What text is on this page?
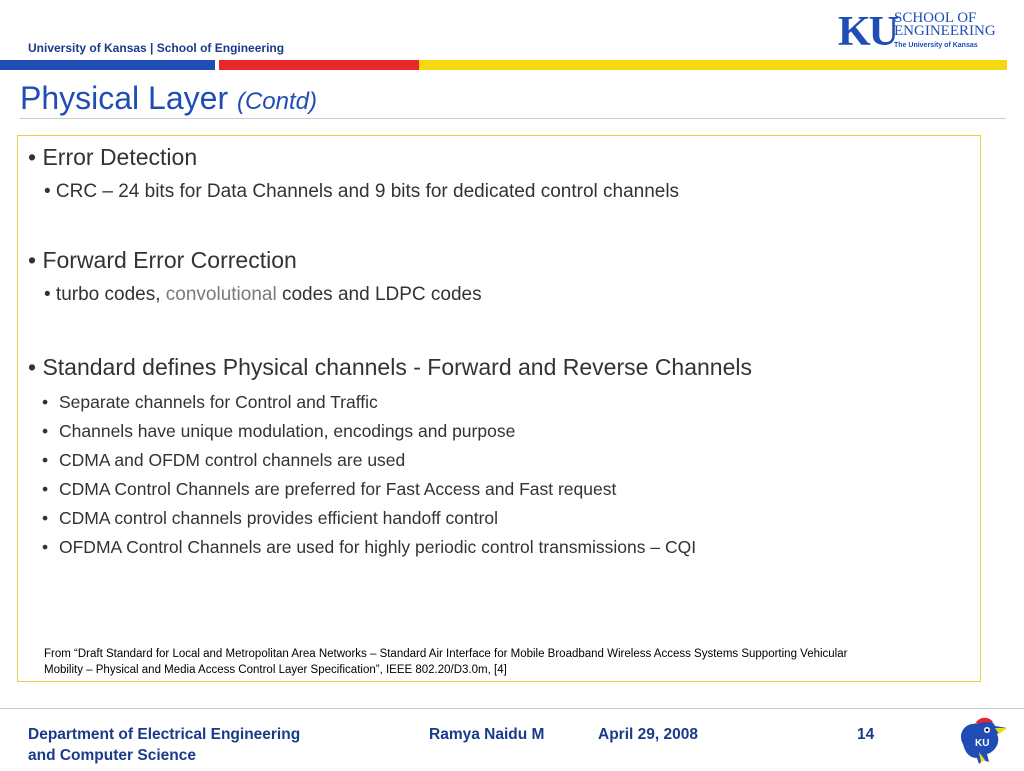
University of Kansas | School of Engineering	KU
SCHOOL OF
ENGINEERING
The University of Kansas
Physical Layer (Contd)
• Error Detection
• CRC – 24 bits for Data Channels and 9 bits for dedicated control channels
• Forward Error Correction
• turbo codes, convolutional codes and LDPC codes
• Standard defines Physical channels - Forward and Reverse Channels
• Separate channels for Control and Traffic
• Channels have unique modulation, encodings and purpose
• CDMA and OFDM control channels are used
• CDMA Control Channels are preferred for Fast Access and Fast request
• CDMA control channels provides efficient handoff control
• OFDMA Control Channels are used for highly periodic control transmissions – CQI
From “Draft Standard for Local and Metropolitan Area Networks – Standard Air Interface for Mobile Broadband Wireless Access Systems Supporting Vehicular
Mobility – Physical and Media Access Control Layer Specification”, IEEE 802.20/D3.0m, [4]
Department of Electrical Engineering
and Computer Science
Ramya Naidu M	April 29, 2008	14
KU
